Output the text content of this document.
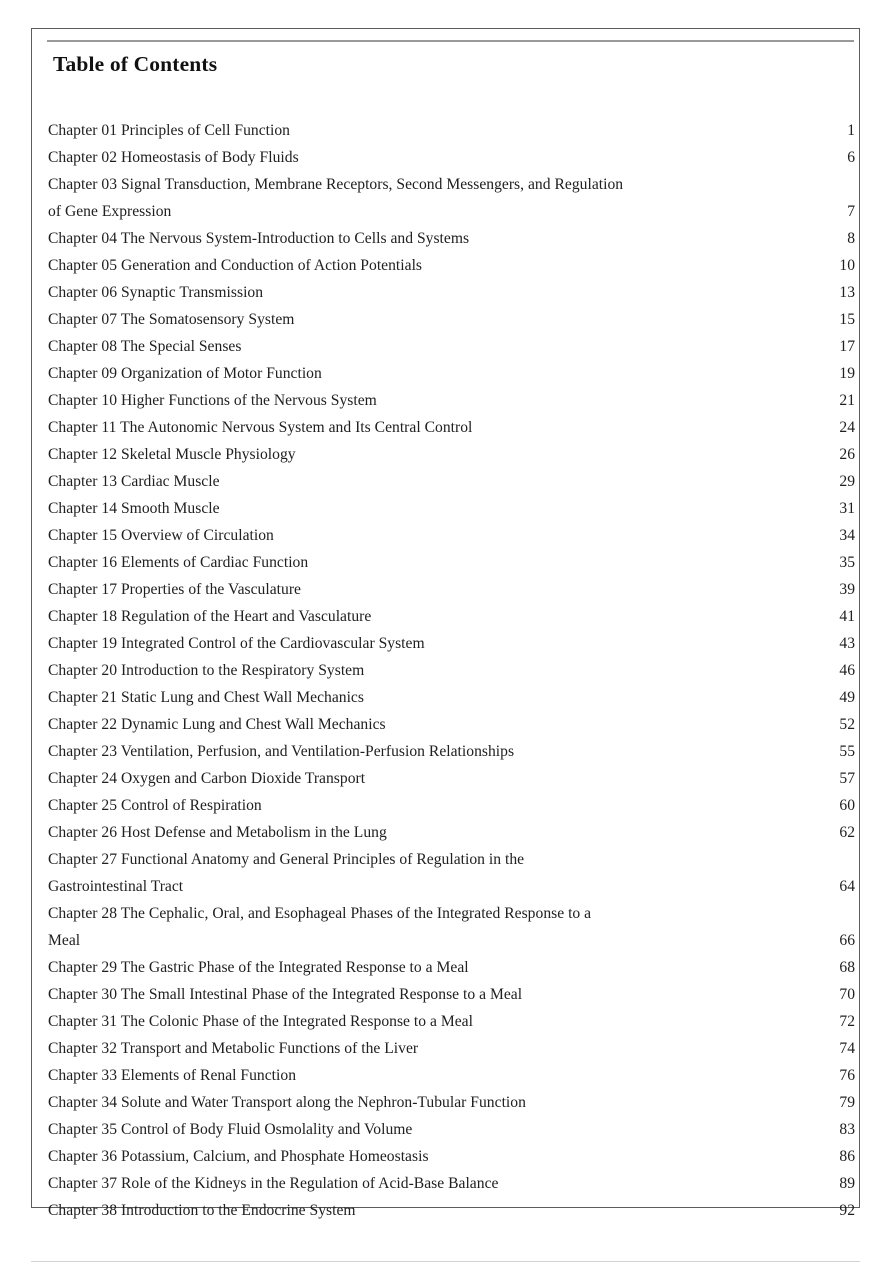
Table of Contents
Chapter 01 Principles of Cell Function	1
Chapter 02 Homeostasis of Body Fluids	6
Chapter 03 Signal Transduction, Membrane Receptors, Second Messengers, and Regulation
of Gene Expression	7
Chapter 04 The Nervous System-Introduction to Cells and Systems	8
Chapter 05 Generation and Conduction of Action Potentials	10
Chapter 06 Synaptic Transmission	13
Chapter 07 The Somatosensory System	15
Chapter 08 The Special Senses	17
Chapter 09 Organization of Motor Function	19
Chapter 10 Higher Functions of the Nervous System	21
Chapter 11 The Autonomic Nervous System and Its Central Control	24
Chapter 12 Skeletal Muscle Physiology	26
Chapter 13 Cardiac Muscle	29
Chapter 14 Smooth Muscle	31
Chapter 15 Overview of Circulation	34
Chapter 16 Elements of Cardiac Function	35
Chapter 17 Properties of the Vasculature	39
Chapter 18 Regulation of the Heart and Vasculature	41
Chapter 19 Integrated Control of the Cardiovascular System	43
Chapter 20 Introduction to the Respiratory System	46
Chapter 21 Static Lung and Chest Wall Mechanics	49
Chapter 22 Dynamic Lung and Chest Wall Mechanics	52
Chapter 23 Ventilation, Perfusion, and Ventilation-Perfusion Relationships	55
Chapter 24 Oxygen and Carbon Dioxide Transport	57
Chapter 25 Control of Respiration	60
Chapter 26 Host Defense and Metabolism in the Lung	62
Chapter 27 Functional Anatomy and General Principles of Regulation in the
Gastrointestinal Tract	64
Chapter 28 The Cephalic, Oral, and Esophageal Phases of the Integrated Response to a
Meal	66
Chapter 29 The Gastric Phase of the Integrated Response to a Meal	68
Chapter 30 The Small Intestinal Phase of the Integrated Response to a Meal	70
Chapter 31 The Colonic Phase of the Integrated Response to a Meal	72
Chapter 32 Transport and Metabolic Functions of the Liver	74
Chapter 33 Elements of Renal Function	76
Chapter 34 Solute and Water Transport along the Nephron-Tubular Function	79
Chapter 35 Control of Body Fluid Osmolality and Volume	83
Chapter 36 Potassium, Calcium, and Phosphate Homeostasis	86
Chapter 37 Role of the Kidneys in the Regulation of Acid-Base Balance	89
Chapter 38 Introduction to the Endocrine System	92
